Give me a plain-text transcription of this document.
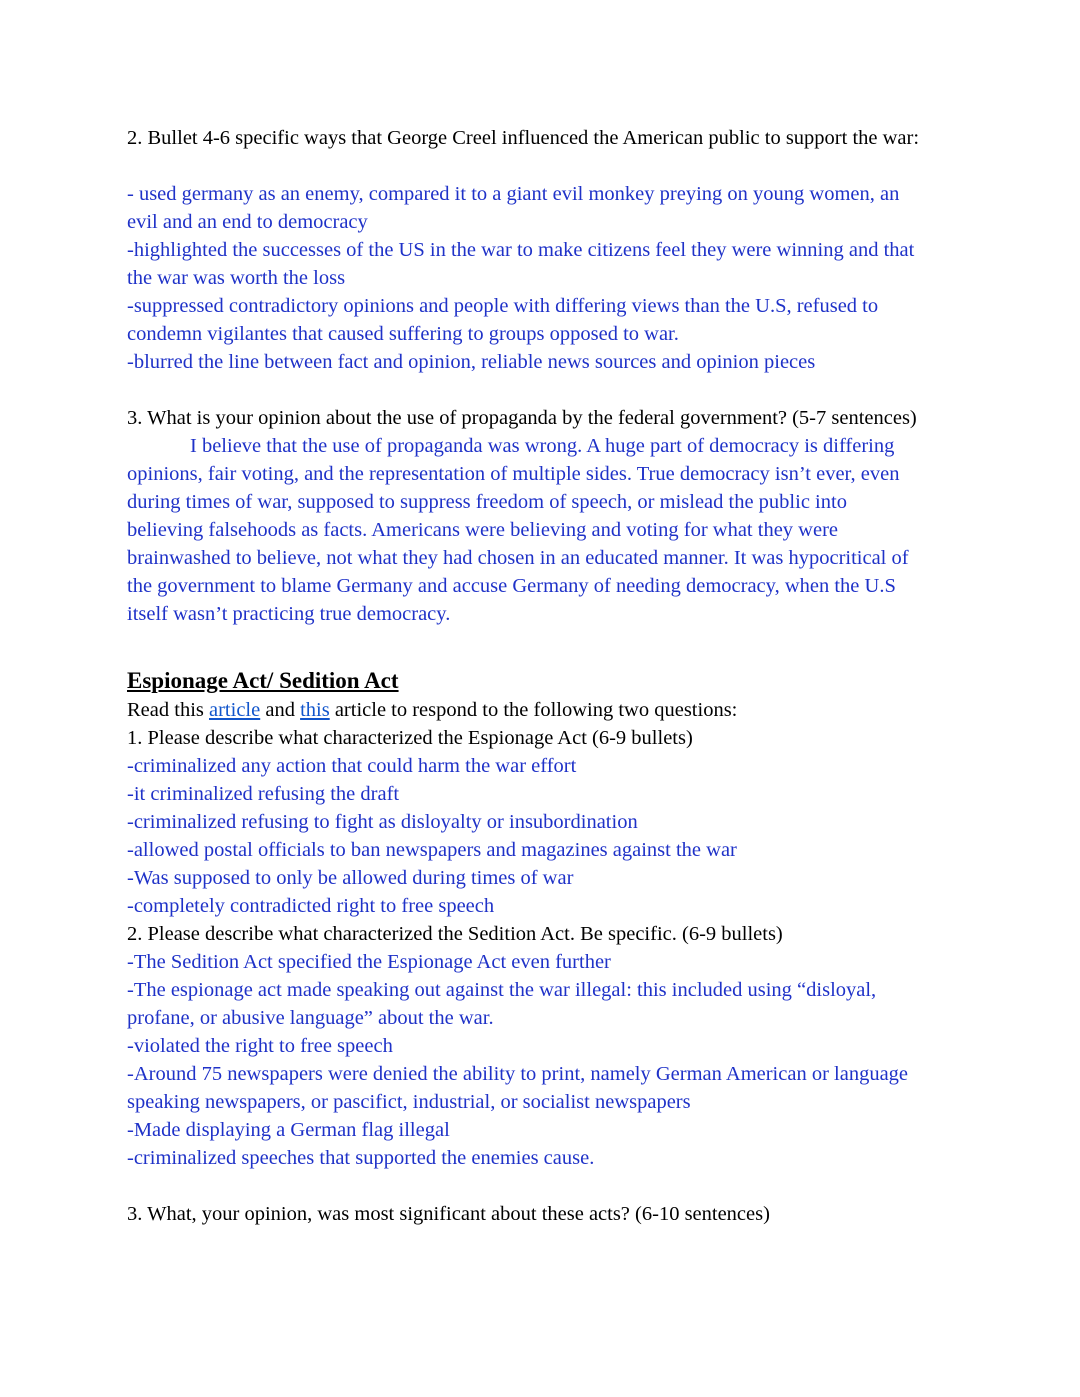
2. Bullet 4-6 specific ways that George Creel influenced the American public to support the war:
- used germany as an enemy, compared it to a giant evil monkey preying on young women, an
evil and an end to democracy
-highlighted the successes of the US in the war to make citizens feel they were winning and that
the war was worth the loss
-suppressed contradictory opinions and people with differing views than the U.S, refused to
condemn vigilantes that caused suffering to groups opposed to war.
-blurred the line between fact and opinion, reliable news sources and opinion pieces
3. What is your opinion about the use of propaganda by the federal government? (5-7 sentences)
I believe that the use of propaganda was wrong. A huge part of democracy is differing
opinions, fair voting, and the representation of multiple sides. True democracy isn’t ever, even
during times of war, supposed to suppress freedom of speech, or mislead the public into
believing falsehoods as facts. Americans were believing and voting for what they were
brainwashed to believe, not what they had chosen in an educated manner. It was hypocritical of
the government to blame Germany and accuse Germany of needing democracy, when the U.S
itself wasn’t practicing true democracy.
Espionage Act/ Sedition Act
Read this article and this article to respond to the following two questions:
1. Please describe what characterized the Espionage Act (6-9 bullets)
-criminalized any action that could harm the war effort
-it criminalized refusing the draft
-criminalized refusing to fight as disloyalty or insubordination
-allowed postal officials to ban newspapers and magazines against the war
-Was supposed to only be allowed during times of war
-completely contradicted right to free speech
2. Please describe what characterized the Sedition Act. Be specific. (6-9 bullets)
-The Sedition Act specified the Espionage Act even further
-The espionage act made speaking out against the war illegal: this included using “disloyal,
profane, or abusive language” about the war.
-violated the right to free speech
-Around 75 newspapers were denied the ability to print, namely German American or language
speaking newspapers, or pascifict, industrial, or socialist newspapers
-Made displaying a German flag illegal
-criminalized speeches that supported the enemies cause.
3. What, your opinion, was most significant about these acts? (6-10 sentences)
